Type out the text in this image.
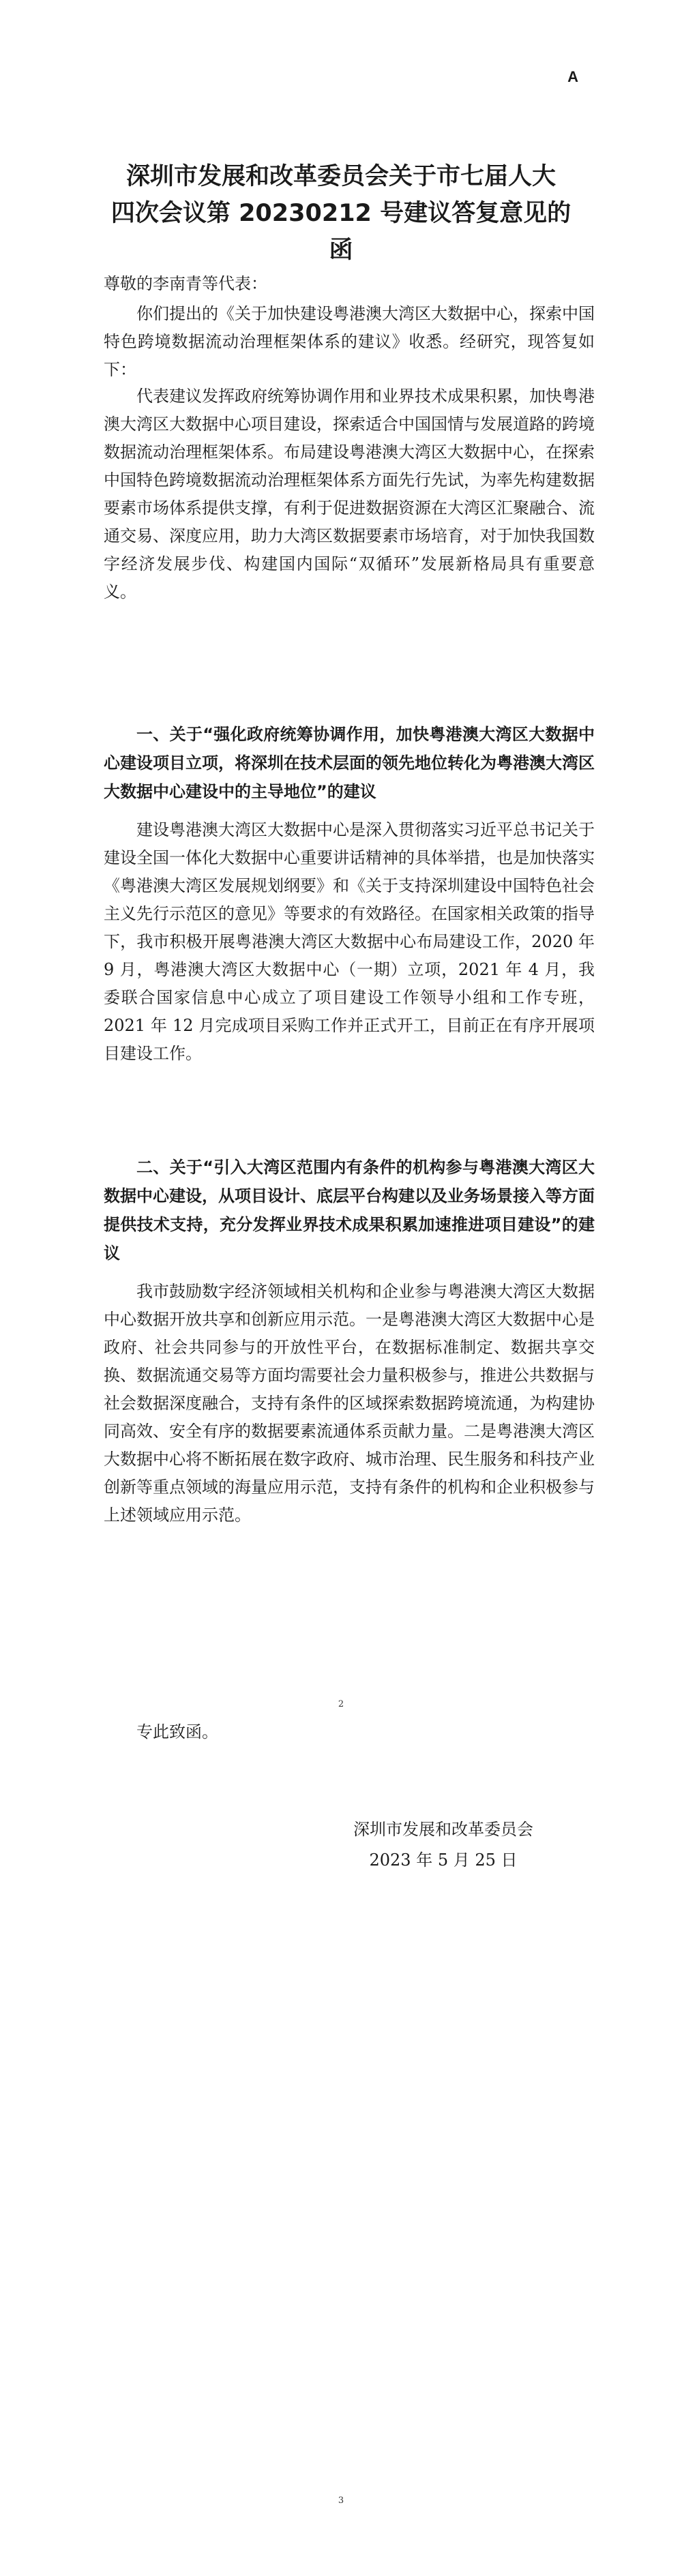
A
深圳市发展和改革委员会关于市七届人大
四次会议第 20230212 号建议答复意见的函
尊敬的李南青等代表：

你们提出的《关于加快建设粤港澳大湾区大数据中心，探索中国特色跨境数据流动治理框架体系的建议》收悉。经研究，现答复如下：

代表建议发挥政府统筹协调作用和业界技术成果积累，加快粤港澳大湾区大数据中心项目建设，探索适合中国国情与发展道路的跨境数据流动治理框架体系。布局建设粤港澳大湾区大数据中心，在探索中国特色跨境数据流动治理框架体系方面先行先试，为率先构建数据要素市场体系提供支撑，有利于促进数据资源在大湾区汇聚融合、流通交易、深度应用，助力大湾区数据要素市场培育，对于加快我国数字经济发展步伐、构建国内国际“双循环”发展新格局具有重要意义。

一、关于“强化政府统筹协调作用，加快粤港澳大湾区大数据中心建设项目立项，将深圳在技术层面的领先地位转化为粤港澳大湾区大数据中心建设中的主导地位”的建议

建设粤港澳大湾区大数据中心是深入贯彻落实习近平总书记关于建设全国一体化大数据中心重要讲话精神的具体举措，也是加快落实《粤港澳大湾区发展规划纲要》和《关于支持深圳建设中国特色社会主义先行示范区的意见》等要求的有效路径。在国家相关政策的指导下，我市积极开展粤港澳大湾区大数据中心布局建设工作，2020 年 9 月，粤港澳大湾区大数据中心（一期）立项，2021 年 4 月，我委联合国家信息中心成立了项目建设工作领导小组和工作专班，2021 年 12 月完成项目采购工作并正式开工，目前正在有序开展项目建设工作。

二、关于“引入大湾区范围内有条件的机构参与粤港澳大湾区大数据中心建设，从项目设计、底层平台构建以及业务场景接入等方面提供技术支持，充分发挥业界技术成果积累加速推进项目建设”的建议

我市鼓励数字经济领域相关机构和企业参与粤港澳大湾区大数据中心数据开放共享和创新应用示范。一是粤港澳大湾区大数据中心是政府、社会共同参与的开放性平台，在数据标准制定、数据共享交换、数据流通交易等方面均需要社会力量积极参与，推进公共数据与社会数据深度融合，支持有条件的区域探索数据跨境流通，为构建协同高效、安全有序的数据要素流通体系贡献力量。二是粤港澳大湾区大数据中心将不断拓展在数字政府、城市治理、民生服务和科技产业创新等重点领域的海量应用示范，支持有条件的机构和企业积极参与上述领域应用示范。

2
专此致函。
深圳市发展和改革委员会
2023 年 5 月 25 日
3
